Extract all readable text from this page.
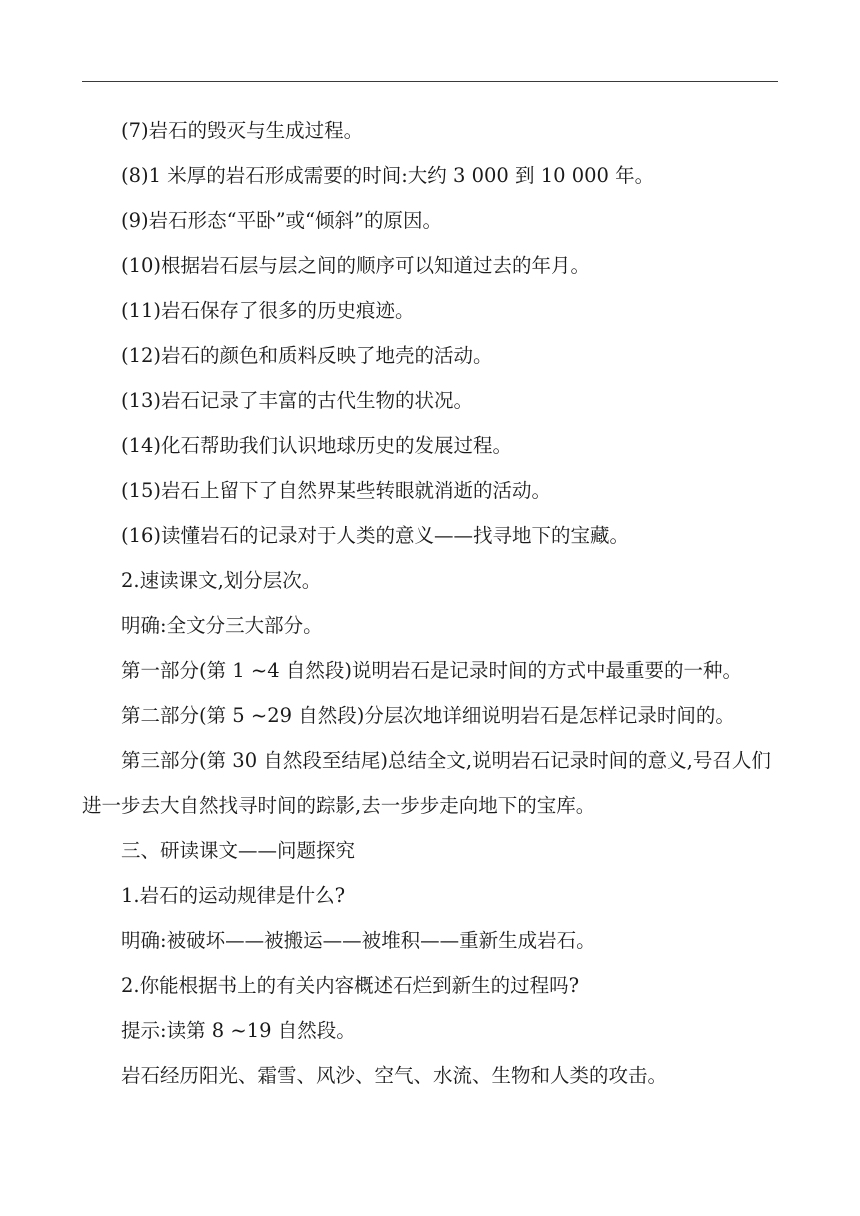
(7)岩石的毁灭与生成过程。
(8)1 米厚的岩石形成需要的时间:大约 3 000 到 10 000 年。
(9)岩石形态“平卧”或“倾斜”的原因。
(10)根据岩石层与层之间的顺序可以知道过去的年月。
(11)岩石保存了很多的历史痕迹。
(12)岩石的颜色和质料反映了地壳的活动。
(13)岩石记录了丰富的古代生物的状况。
(14)化石帮助我们认识地球历史的发展过程。
(15)岩石上留下了自然界某些转眼就消逝的活动。
(16)读懂岩石的记录对于人类的意义——找寻地下的宝藏。
2.速读课文,划分层次。
明确:全文分三大部分。
第一部分(第 1 ~4 自然段)说明岩石是记录时间的方式中最重要的一种。
第二部分(第 5 ~29 自然段)分层次地详细说明岩石是怎样记录时间的。
第三部分(第 30 自然段至结尾)总结全文,说明岩石记录时间的意义,号召人们进一步去大自然找寻时间的踪影,去一步步走向地下的宝库。
三、研读课文——问题探究
1.岩石的运动规律是什么?
明确:被破坏——被搬运——被堆积——重新生成岩石。
2.你能根据书上的有关内容概述石烂到新生的过程吗?
提示:读第 8 ~19 自然段。
岩石经历阳光、霜雪、风沙、空气、水流、生物和人类的攻击。
